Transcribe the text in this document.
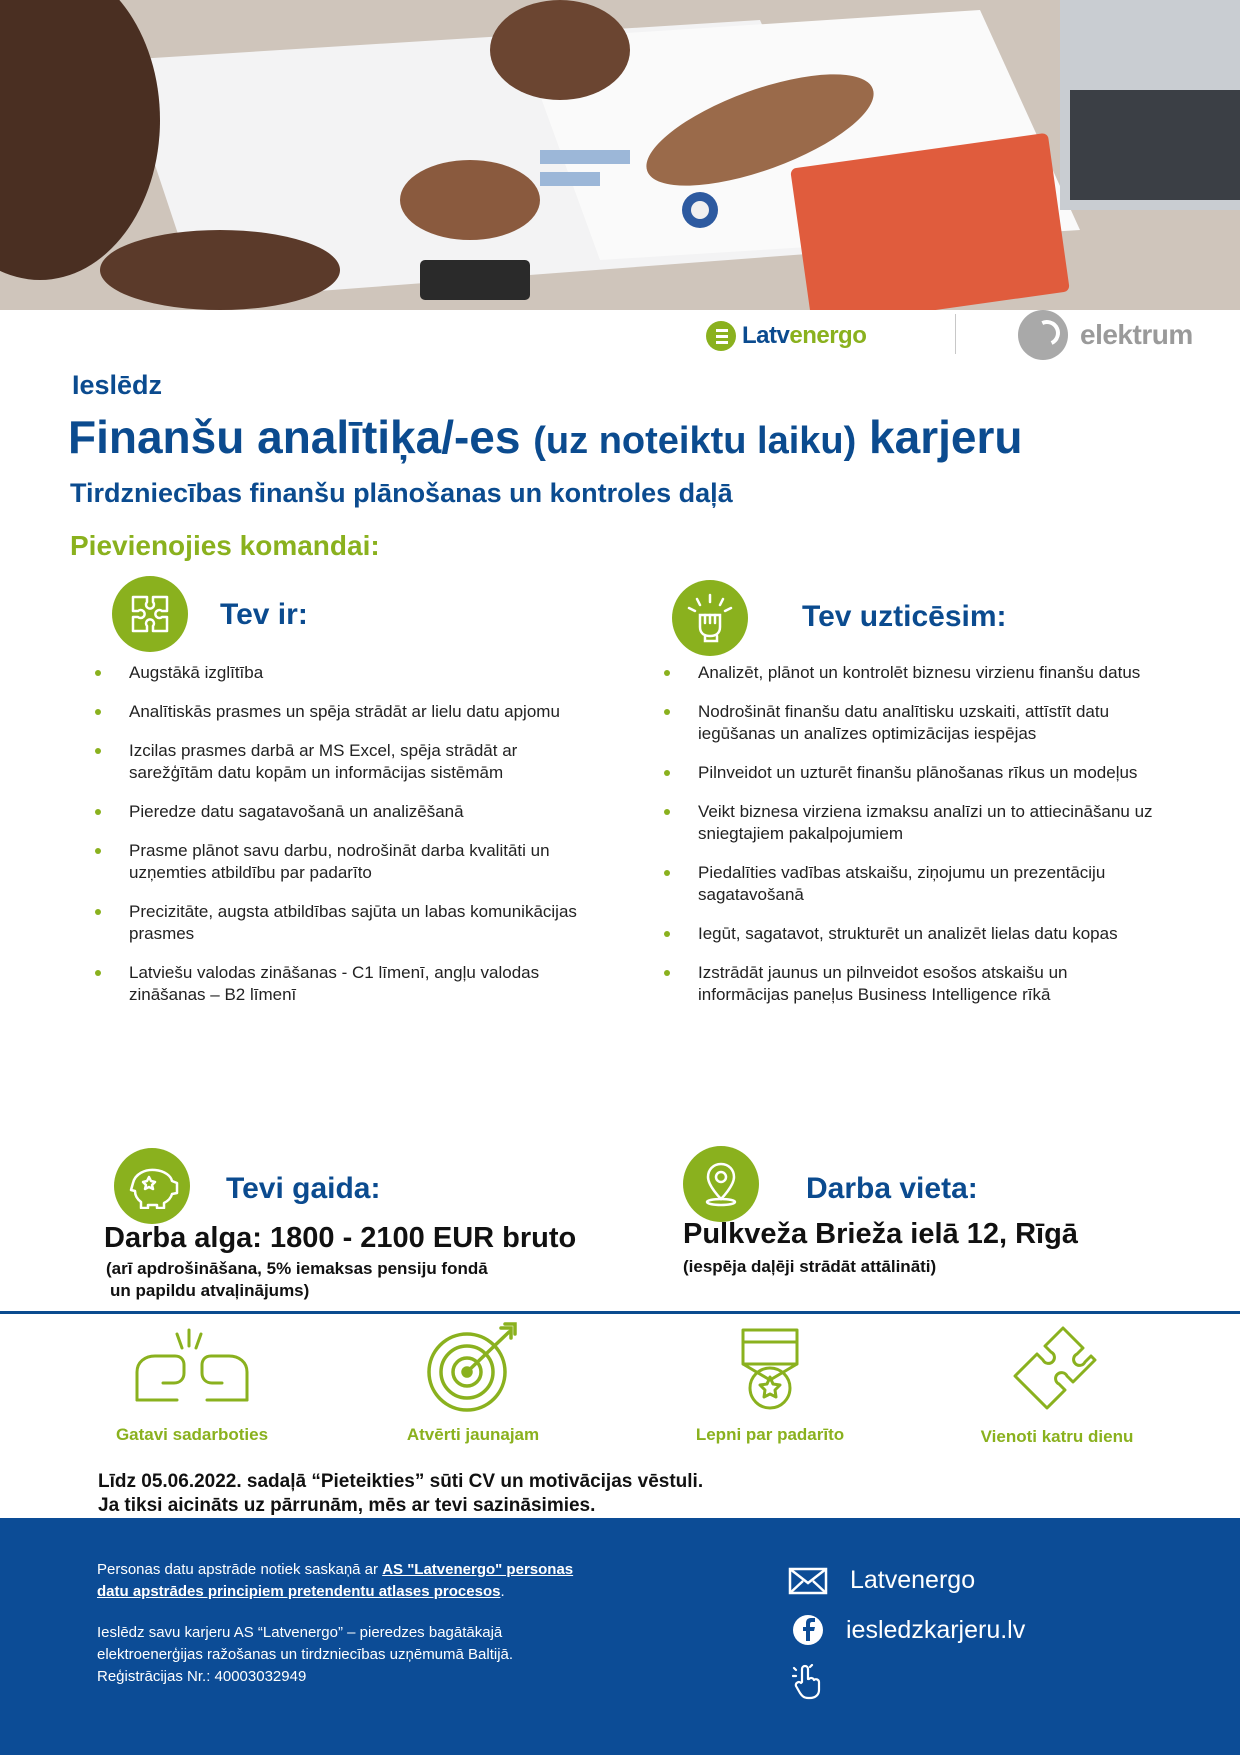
Latvenergo	elektrum
Ieslēdz
Finanšu analītiķa/-es (uz noteiktu laiku) karjeru
Tirdzniecības finanšu plānošanas un kontroles daļā
Pievienojies komandai:
Tev ir:
Augstākā izglītība
Analītiskās prasmes un spēja strādāt ar lielu datu apjomu
Izcilas prasmes darbā ar MS Excel, spēja strādāt ar sarežģītām datu kopām un informācijas sistēmām
Pieredze datu sagatavošanā un analizēšanā
Prasme plānot savu darbu, nodrošināt darba kvalitāti un uzņemties atbildību par padarīto
Precizitāte, augsta atbildības sajūta un labas komunikācijas prasmes
Latviešu valodas zināšanas - C1 līmenī, angļu valodas zināšanas – B2 līmenī
Tev uzticēsim:
Analizēt, plānot un kontrolēt biznesu virzienu finanšu datus
Nodrošināt finanšu datu analītisku uzskaiti, attīstīt datu iegūšanas un analīzes optimizācijas iespējas
Pilnveidot un uzturēt finanšu plānošanas rīkus un modeļus
Veikt biznesa virziena izmaksu analīzi un to attiecināšanu uz sniegtajiem pakalpojumiem
Piedalīties vadības atskaišu, ziņojumu un prezentāciju sagatavošanā
Iegūt, sagatavot, strukturēt un analizēt lielas datu kopas
Izstrādāt jaunus un pilnveidot esošos atskaišu un informācijas paneļus Business Intelligence rīkā
Tevi gaida:
Darba alga: 1800 - 2100 EUR bruto
(arī apdrošināšana, 5% iemaksas pensiju fondā
un papildu atvaļinājums)
Darba vieta:
Pulkveža Brieža ielā 12, Rīgā
(iespēja daļēji strādāt attālināti)
Gatavi sadarboties	Atvērti jaunajam	Lepni par padarīto	Vienoti katru dienu
Līdz 05.06.2022. sadaļā “Pieteikties” sūti CV un motivācijas vēstuli.
Ja tiksi aicināts uz pārrunām, mēs ar tevi sazināsimies.
Personas datu apstrāde notiek saskaņā ar AS "Latvenergo" personas
datu apstrādes principiem pretendentu atlases procesos.
Ieslēdz savu karjeru AS “Latvenergo” – pieredzes bagātākajā
elektroenerģijas ražošanas un tirdzniecības uzņēmumā Baltijā.
Reģistrācijas Nr.: 40003032949
Latvenergo
iesledzkarjeru.lv
